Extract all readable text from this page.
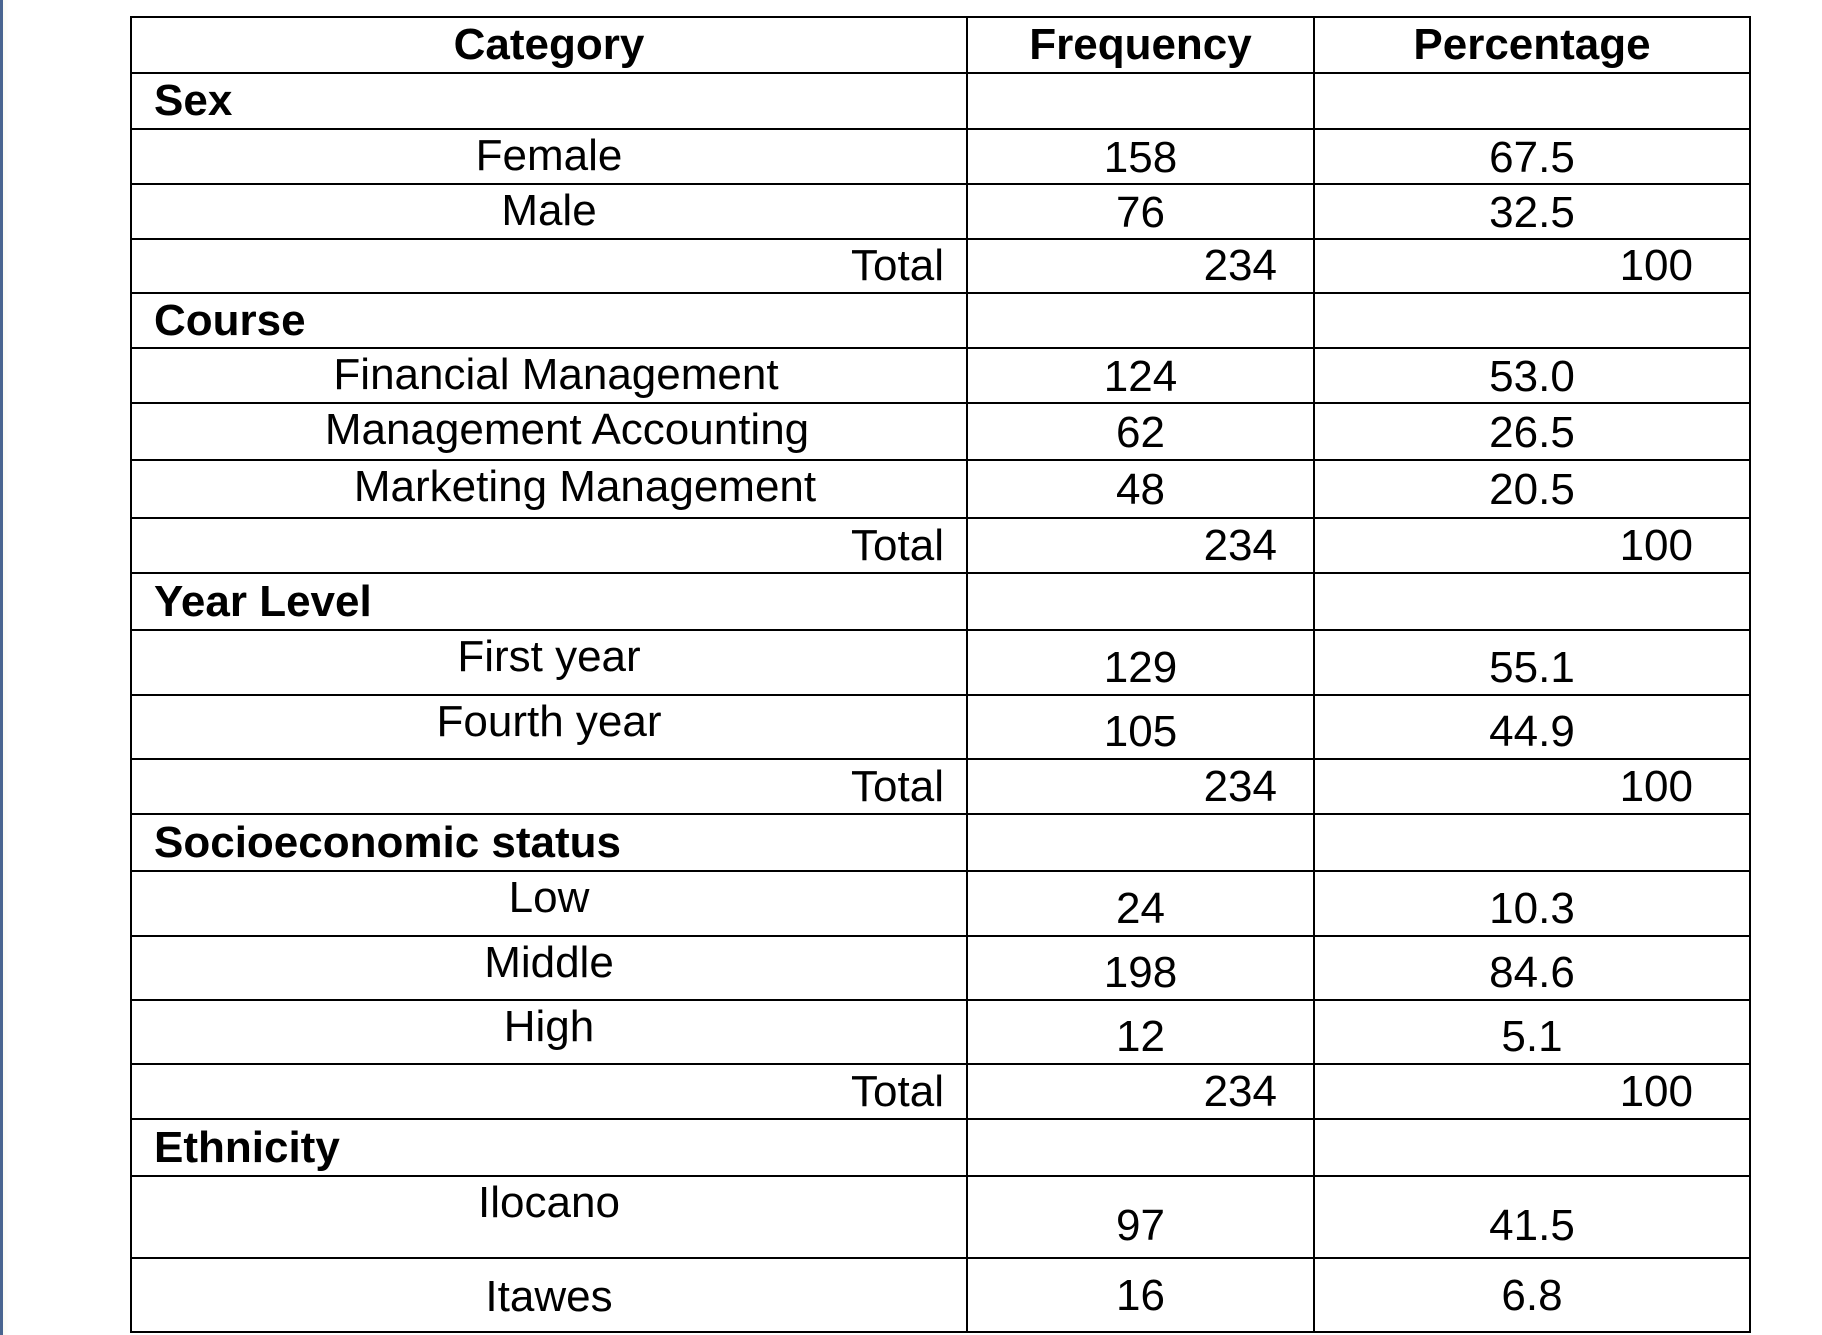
Category	Frequency	Percentage
Sex		
Female	158	67.5
Male	76	32.5
Total	234	100
Course		
Financial Management	124	53.0
Management Accounting	62	26.5
Marketing Management	48	20.5
Total	234	100
Year Level		
First year	129	55.1
Fourth year	105	44.9
Total	234	100
Socioeconomic status		
Low	24	10.3
Middle	198	84.6
High	12	5.1
Total	234	100
Ethnicity		
Ilocano	97	41.5
Itawes	16	6.8
